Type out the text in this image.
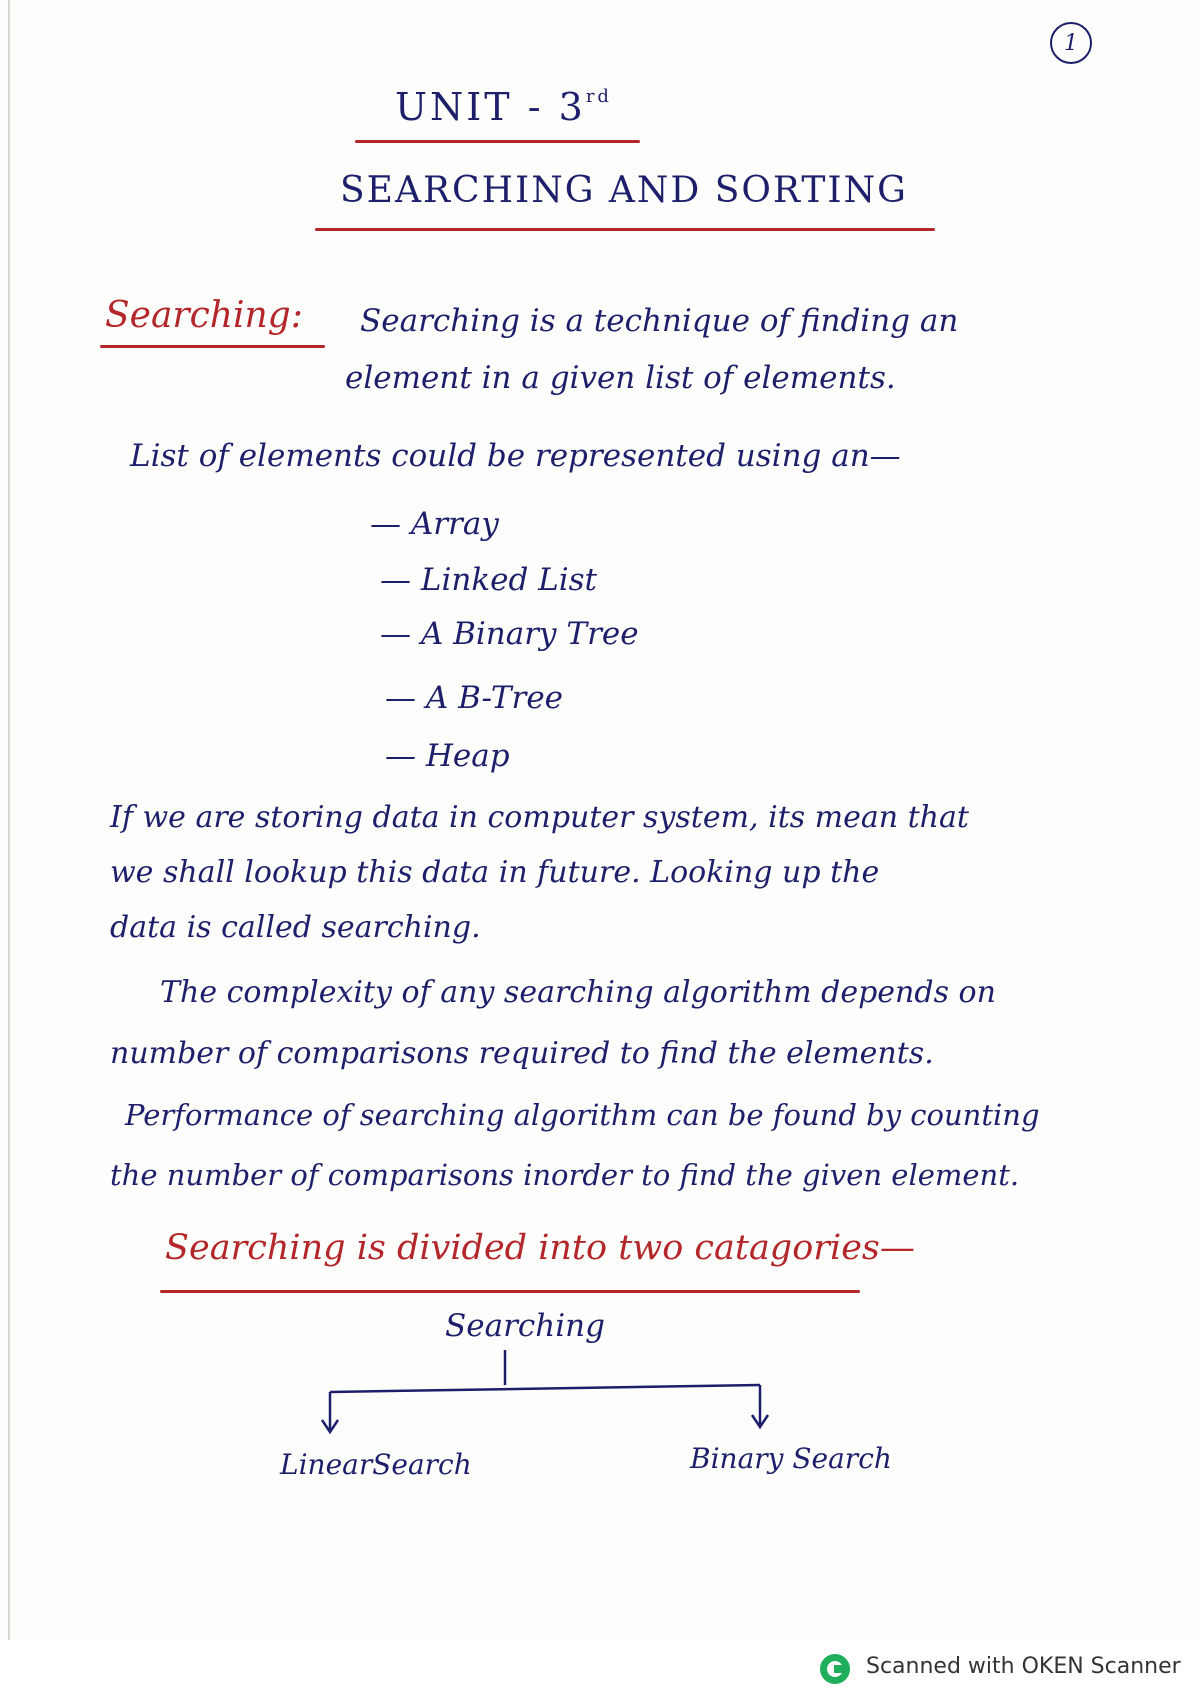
1
UNIT - 3rd
SEARCHING AND SORTING
Searching: Searching is a technique of finding an
element in a given list of elements.
List of elements could be represented using an—
— Array
— Linked List
— A Binary Tree
— A B-Tree
— Heap
If we are storing data in computer system, its mean that
we shall lookup this data in future. Looking up the
data is called searching.
The complexity of any searching algorithm depends on
number of comparisons required to find the elements.
Performance of searching algorithm can be found by counting
the number of comparisons inorder to find the given element.
Searching is divided into two catagories—
Searching
LinearSearch	Binary Search
Scanned with OKEN Scanner
